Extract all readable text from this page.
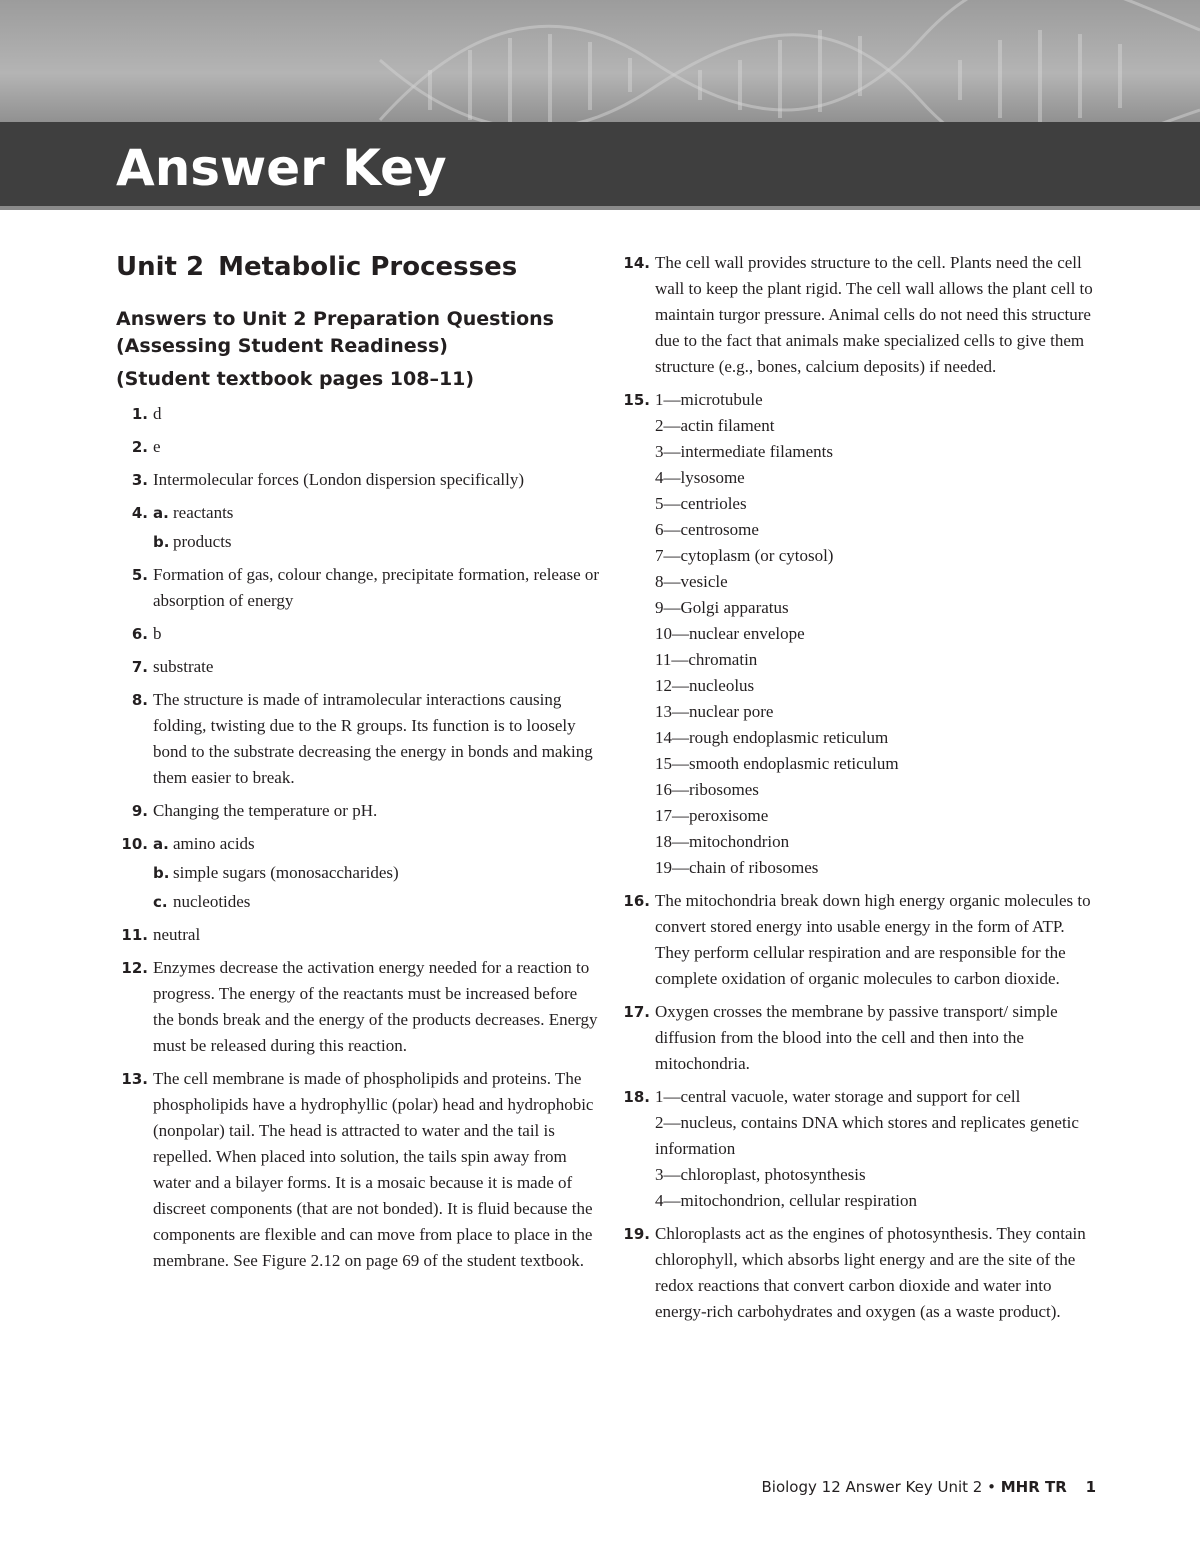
Answer Key
Unit 2 Metabolic Processes
Answers to Unit 2 Preparation Questions
(Assessing Student Readiness)
(Student textbook pages 108–11)
1. d
2. e
3. Intermolecular forces (London dispersion specifically)
4. a. reactants
b. products
5. Formation of gas, colour change, precipitate formation, release or absorption of energy
6. b
7. substrate
8. The structure is made of intramolecular interactions causing folding, twisting due to the R groups. Its function is to loosely bond to the substrate decreasing the energy in bonds and making them easier to break.
9. Changing the temperature or pH.
10. a. amino acids
b. simple sugars (monosaccharides)
c. nucleotides
11. neutral
12. Enzymes decrease the activation energy needed for a reaction to progress. The energy of the reactants must be increased before the bonds break and the energy of the products decreases. Energy must be released during this reaction.
13. The cell membrane is made of phospholipids and proteins. The phospholipids have a hydrophyllic (polar) head and hydrophobic (nonpolar) tail. The head is attracted to water and the tail is repelled. When placed into solution, the tails spin away from water and a bilayer forms. It is a mosaic because it is made of discreet components (that are not bonded). It is fluid because the components are flexible and can move from place to place in the membrane. See Figure 2.12 on page 69 of the student textbook.
14. The cell wall provides structure to the cell. Plants need the cell wall to keep the plant rigid. The cell wall allows the plant cell to maintain turgor pressure. Animal cells do not need this structure due to the fact that animals make specialized cells to give them structure (e.g., bones, calcium deposits) if needed.
15. 1—microtubule
2—actin filament
3—intermediate filaments
4—lysosome
5—centrioles
6—centrosome
7—cytoplasm (or cytosol)
8—vesicle
9—Golgi apparatus
10—nuclear envelope
11—chromatin
12—nucleolus
13—nuclear pore
14—rough endoplasmic reticulum
15—smooth endoplasmic reticulum
16—ribosomes
17—peroxisome
18—mitochondrion
19—chain of ribosomes
16. The mitochondria break down high energy organic molecules to convert stored energy into usable energy in the form of ATP. They perform cellular respiration and are responsible for the complete oxidation of organic molecules to carbon dioxide.
17. Oxygen crosses the membrane by passive transport/ simple diffusion from the blood into the cell and then into the mitochondria.
18. 1—central vacuole, water storage and support for cell
2—nucleus, contains DNA which stores and replicates genetic information
3—chloroplast, photosynthesis
4—mitochondrion, cellular respiration
19. Chloroplasts act as the engines of photosynthesis. They contain chlorophyll, which absorbs light energy and are the site of the redox reactions that convert carbon dioxide and water into energy-rich carbohydrates and oxygen (as a waste product).
Biology 12 Answer Key Unit 2 • MHR TR 1
